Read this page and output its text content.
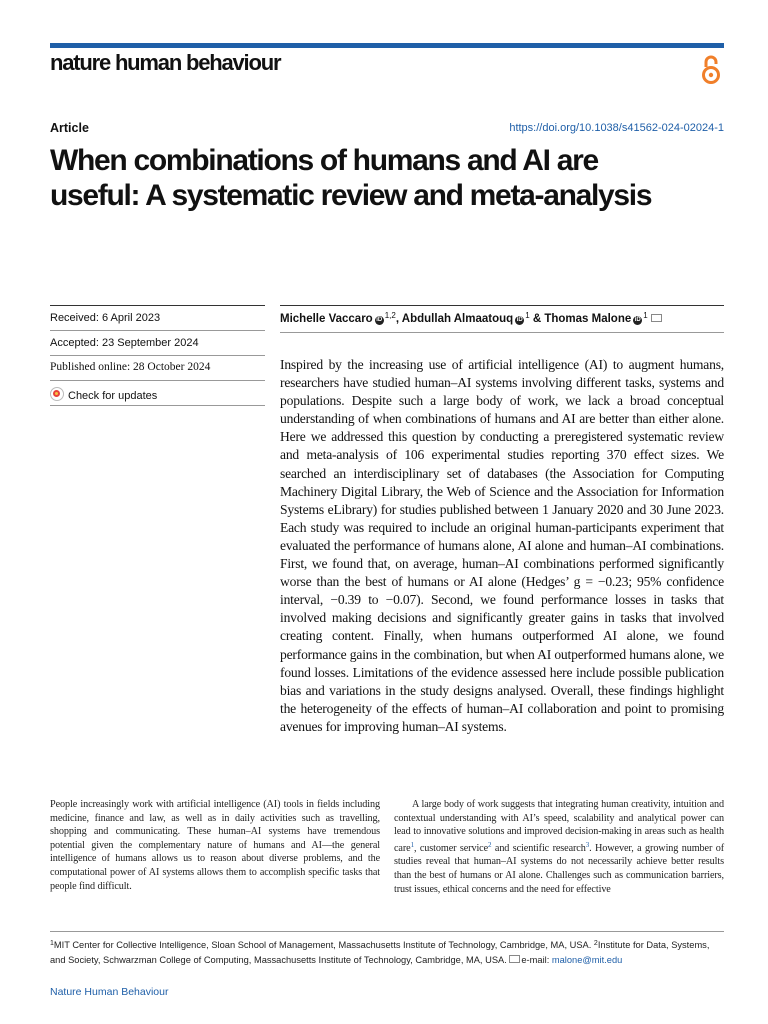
nature human behaviour
Article	https://doi.org/10.1038/s41562-024-02024-1
When combinations of humans and AI are useful: A systematic review and meta-analysis
Received: 6 April 2023
Accepted: 23 September 2024
Published online: 28 October 2024
Check for updates
Michelle Vaccaro iD $^{1,2}$, Abdullah Almaatouq iD $^1$ & Thomas Malone iD $^1$

Inspired by the increasing use of artificial intelligence (AI) to augment humans, researchers have studied human–AI systems involving different tasks, systems and populations. Despite such a large body of work, we lack a broad conceptual understanding of when combinations of humans and AI are better than either alone. Here we addressed this question by conducting a preregistered systematic review and meta-analysis of 106 experimental studies reporting 370 effect sizes. We searched an interdisciplinary set of databases (the Association for Computing Machinery Digital Library, the Web of Science and the Association for Information Systems eLibrary) for studies published between 1 January 2020 and 30 June 2023. Each study was required to include an original human-participants experiment that evaluated the performance of humans alone, AI alone and human–AI combinations. First, we found that, on average, human–AI combinations performed significantly worse than the best of humans or AI alone (Hedges’ g = −0.23; 95% confidence interval, −0.39 to −0.07). Second, we found performance losses in tasks that involved making decisions and significantly greater gains in tasks that involved creating content. Finally, when humans outperformed AI alone, we found performance gains in the combination, but when AI outperformed humans alone, we found losses. Limitations of the evidence assessed here include possible publication bias and variations in the study designs analysed. Overall, these findings highlight the heterogeneity of the effects of human–AI collaboration and point to promising avenues for improving human–AI systems.

People increasingly work with artificial intelligence (AI) tools in fields including medicine, finance and law, as well as in daily activities such as travelling, shopping and communicating. These human–AI systems have tremendous potential given the complementary nature of humans and AI—the general intelligence of humans allows us to reason about diverse problems, and the computational power of AI systems allows them to accomplish specific tasks that people find difficult.

A large body of work suggests that integrating human creativity, intuition and contextual understanding with AI’s speed, scalability and analytical power can lead to innovative solutions and improved decision-making in areas such as health care$^1$, customer service$^2$ and scientific research$^3$. However, a growing number of studies reveal that human–AI systems do not necessarily achieve better results than the best of humans or AI alone. Challenges such as communication barriers, trust issues, ethical concerns and the need for effective

$^1$MIT Center for Collective Intelligence, Sloan School of Management, Massachusetts Institute of Technology, Cambridge, MA, USA. $^2$Institute for Data, Systems, and Society, Schwarzman College of Computing, Massachusetts Institute of Technology, Cambridge, MA, USA. e-mail: malone@mit.edu

Nature Human Behaviour
